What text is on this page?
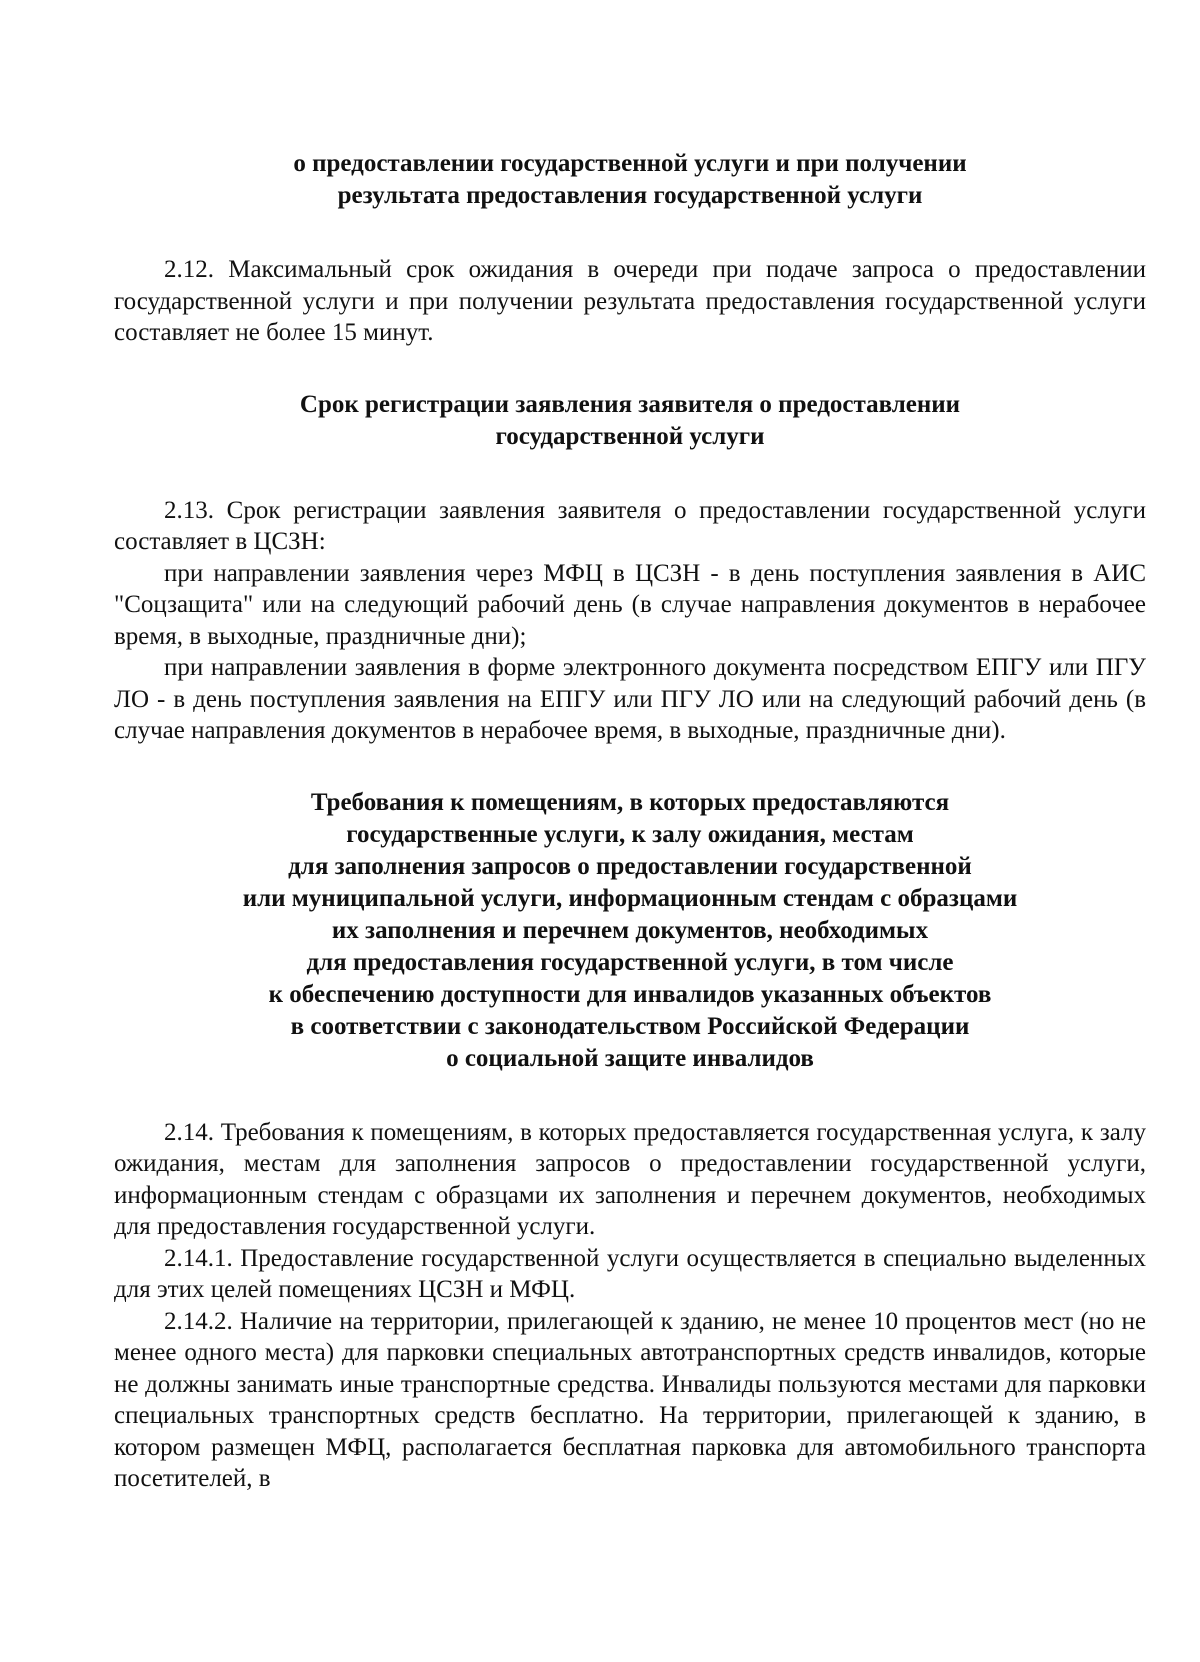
о предоставлении государственной услуги и при получении
результата предоставления государственной услуги

2.12. Максимальный срок ожидания в очереди при подаче запроса о предоставлении государственной услуги и при получении результата предоставления государственной услуги составляет не более 15 минут.

Срок регистрации заявления заявителя о предоставлении
государственной услуги

2.13. Срок регистрации заявления заявителя о предоставлении государственной услуги составляет в ЦСЗН:

при направлении заявления через МФЦ в ЦСЗН - в день поступления заявления в АИС "Соцзащита" или на следующий рабочий день (в случае направления документов в нерабочее время, в выходные, праздничные дни);

при направлении заявления в форме электронного документа посредством ЕПГУ или ПГУ ЛО - в день поступления заявления на ЕПГУ или ПГУ ЛО или на следующий рабочий день (в случае направления документов в нерабочее время, в выходные, праздничные дни).

Требования к помещениям, в которых предоставляются
государственные услуги, к залу ожидания, местам
для заполнения запросов о предоставлении государственной
или муниципальной услуги, информационным стендам с образцами
их заполнения и перечнем документов, необходимых
для предоставления государственной услуги, в том числе
к обеспечению доступности для инвалидов указанных объектов
в соответствии с законодательством Российской Федерации
о социальной защите инвалидов

2.14. Требования к помещениям, в которых предоставляется государственная услуга, к залу ожидания, местам для заполнения запросов о предоставлении государственной услуги, информационным стендам с образцами их заполнения и перечнем документов, необходимых для предоставления государственной услуги.

2.14.1. Предоставление государственной услуги осуществляется в специально выделенных для этих целей помещениях ЦСЗН и МФЦ.

2.14.2. Наличие на территории, прилегающей к зданию, не менее 10 процентов мест (но не менее одного места) для парковки специальных автотранспортных средств инвалидов, которые не должны занимать иные транспортные средства. Инвалиды пользуются местами для парковки специальных транспортных средств бесплатно. На территории, прилегающей к зданию, в котором размещен МФЦ, располагается бесплатная парковка для автомобильного транспорта посетителей, в
